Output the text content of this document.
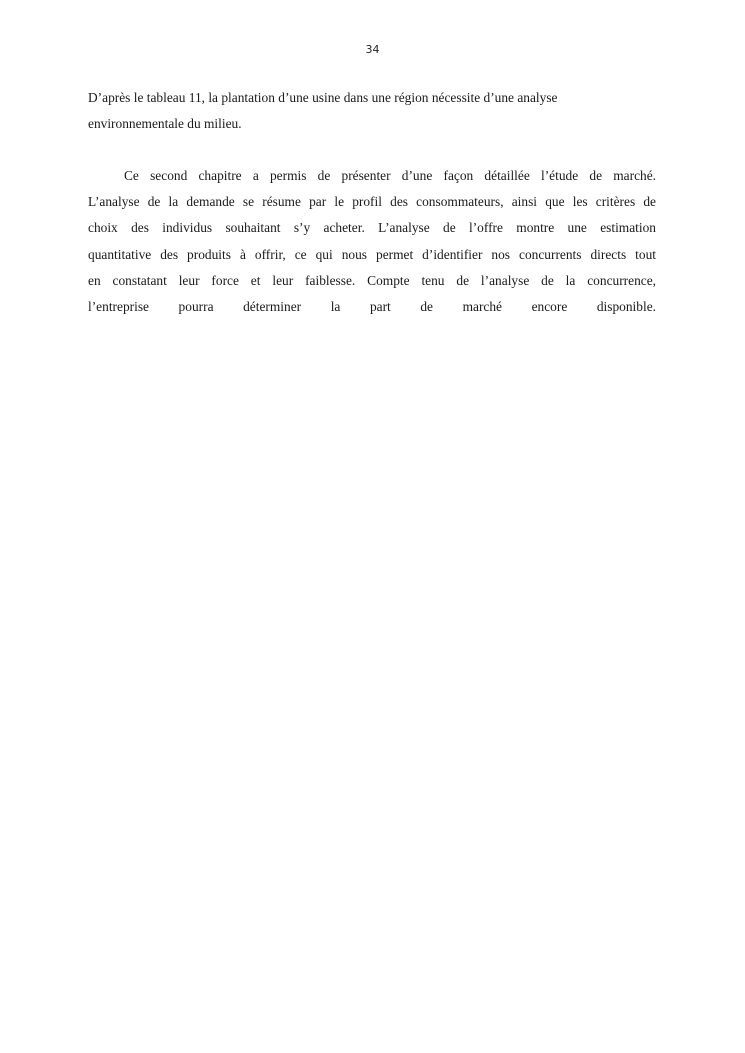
34
D’après le tableau 11, la plantation d’une usine dans une région nécessite d’une analyse
environnementale du milieu.
Ce second chapitre a permis de présenter d’une façon détaillée l’étude de marché.
L’analyse de la demande se résume par le profil des consommateurs, ainsi que les critères de
choix des individus souhaitant s’y acheter. L’analyse de l’offre montre une estimation
quantitative des produits à offrir, ce qui nous permet d’identifier nos concurrents directs tout
en constatant leur force et leur faiblesse. Compte tenu de l’analyse de la concurrence,
l’entreprise pourra déterminer la part de marché encore disponible.
